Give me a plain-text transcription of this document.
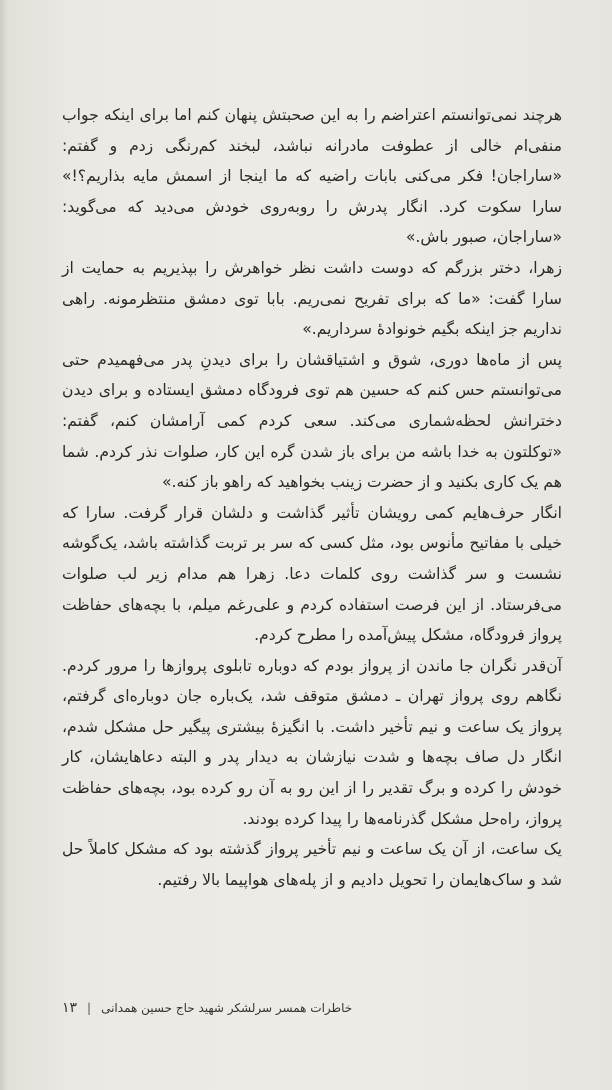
هرچند نمی‌توانستم اعتراضم را به این صحبتش پنهان کنم اما برای اینکه جواب منفی‌ام خالی از عطوفت مادرانه نباشد، لبخند کم‌رنگی زدم و گفتم: «ساراجان! فکر می‌کنی بابات راضیه که ما اینجا از اسمش مایه بذاریم؟!» سارا سکوت کرد. انگار پدرش را روبه‌روی خودش می‌دید که می‌گوید: «ساراجان، صبور باش.»

زهرا، دختر بزرگم که دوست داشت نظر خواهرش را بپذیریم به حمایت از سارا گفت: «ما که برای تفریح نمی‌ریم. بابا توی دمشق منتظرمونه. راهی نداریم جز اینکه بگیم خونوادهٔ سرداریم.»

پس از ماه‌ها دوری، شوق و اشتیاقشان را برای دیدنِ پدر می‌فهمیدم حتی می‌توانستم حس کنم که حسین هم توی فرودگاه دمشق ایستاده و برای دیدن دخترانش لحظه‌شماری می‌کند. سعی کردم کمی آرامشان کنم، گفتم: «توکلتون به خدا باشه من برای باز شدن گره این کار، صلوات نذر کردم. شما هم یک کاری بکنید و از حضرت زینب بخواهید که راهو باز کنه.»

انگار حرف‌هایم کمی رویشان تأثیر گذاشت و دلشان قرار گرفت. سارا که خیلی با مفاتیح مأنوس بود، مثل کسی که سر بر تربت گذاشته باشد، یک‌گوشه نشست و سر گذاشت روی کلمات دعا. زهرا هم مدام زیر لب صلوات می‌فرستاد. از این فرصت استفاده کردم و علی‌رغم میلم، با بچه‌های حفاظت پرواز فرودگاه، مشکل پیش‌آمده را مطرح کردم.

آن‌قدر نگران جا ماندن از پرواز بودم که دوباره تابلوی پروازها را مرور کردم. نگاهم روی پرواز تهران ـ دمشق متوقف شد، یک‌باره جان دوباره‌ای گرفتم، پرواز یک ساعت و نیم تأخیر داشت. با انگیزهٔ بیشتری پیگیر حل مشکل شدم، انگار دل صاف بچه‌ها و شدت نیازشان به دیدار پدر و البته دعاهایشان، کار خودش را کرده و برگ تقدیر را از این رو به آن رو کرده بود، بچه‌های حفاظت پرواز، راه‌حل مشکل گذرنامه‌ها را پیدا کرده بودند.

یک ساعت، از آن یک ساعت و نیم تأخیر پرواز گذشته بود که مشکل کاملاً حل شد و ساک‌هایمان را تحویل دادیم و از پله‌های هواپیما بالا رفتیم.

خاطرات همسر سرلشکر شهید حاج حسین همدانی|۱۳
